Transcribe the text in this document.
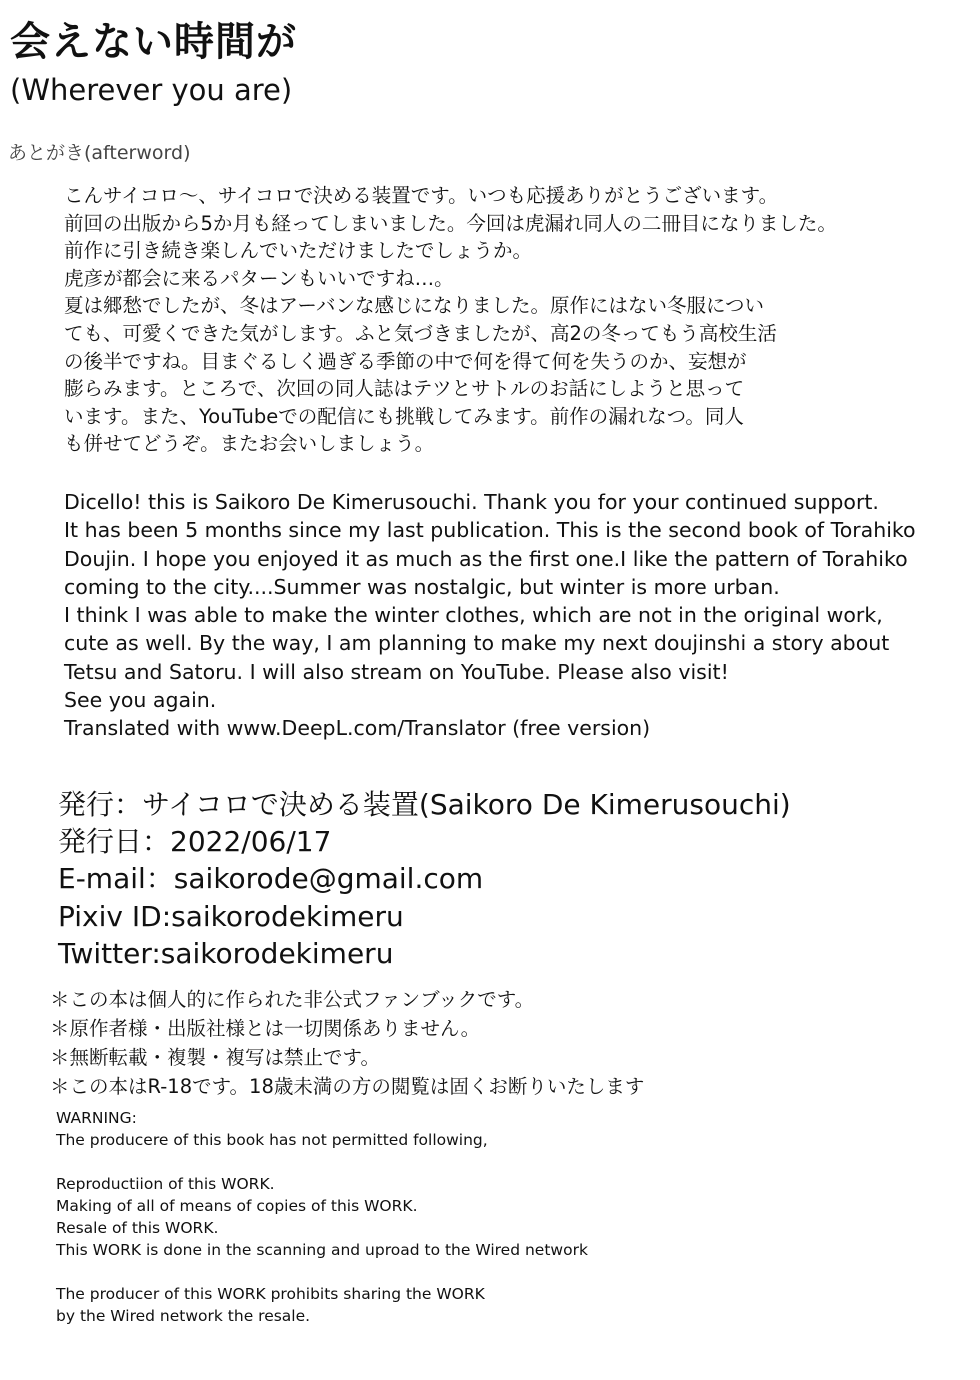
会えない時間が
(Wherever you are)
あとがき(afterword)
こんサイコロ〜、サイコロで決める装置です。いつも応援ありがとうございます。
前回の出版から5か月も経ってしまいました。今回は虎漏れ同人の二冊目になりました。
前作に引き続き楽しんでいただけましたでしょうか。
虎彦が都会に来るパターンもいいですね…。
夏は郷愁でしたが、冬はアーバンな感じになりました。原作にはない冬服につい
ても、可愛くできた気がします。ふと気づきましたが、高2の冬ってもう高校生活
の後半ですね。目まぐるしく過ぎる季節の中で何を得て何を失うのか、妄想が
膨らみます。ところで、次回の同人誌はテツとサトルのお話にしようと思って
います。また、YouTubeでの配信にも挑戦してみます。前作の漏れなつ。同人
も併せてどうぞ。またお会いしましょう。
Dicello! this is Saikoro De Kimerusouchi. Thank you for your continued support.
It has been 5 months since my last publication. This is the second book of Torahiko
Doujin. I hope you enjoyed it as much as the first one.I like the pattern of Torahiko
coming to the city....Summer was nostalgic, but winter is more urban.
I think I was able to make the winter clothes, which are not in the original work,
cute as well. By the way, I am planning to make my next doujinshi a story about
Tetsu and Satoru. I will also stream on YouTube. Please also visit!
See you again.
Translated with www.DeepL.com/Translator (free version)
発行：サイコロで決める装置(Saikoro De Kimerusouchi)
発行日：2022/06/17
E-mail：saikorode@gmail.com
Pixiv ID:saikorodekimeru
Twitter:saikorodekimeru
＊この本は個人的に作られた非公式ファンブックです。
＊原作者様・出版社様とは一切関係ありません。
＊無断転載・複製・複写は禁止です。
＊この本はR-18です。18歳未満の方の閲覧は固くお断りいたします
WARNING:
The producere of this book has not permitted following,
Reproductiion of this WORK.
Making of all of means of copies of this WORK.
Resale of this WORK.
This WORK is done in the scanning and uproad to the Wired network
The producer of this WORK prohibits sharing the WORK
by the Wired network the resale.
